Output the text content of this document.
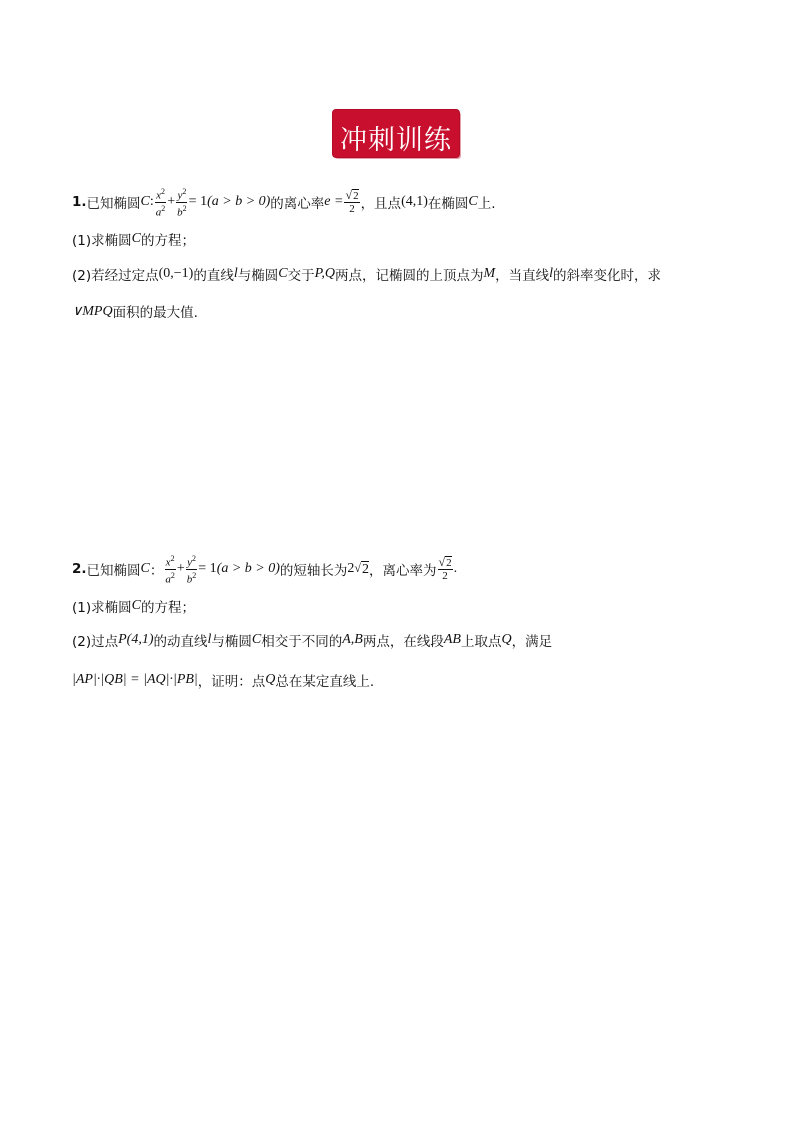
冲刺训练
1. 已知椭圆 C : $\frac{x^2}{a^2} + \frac{y^2}{b^2} = 1$ (a > b > 0) 的离心率 $e = \frac{√ 2}{2}$ ，且点 (4,1) 在椭圆 C 上.
(1)求椭圆 C 的方程；
(2)若经过定点 (0,−1) 的直线 l 与椭圆 C 交于 P,Q 两点，记椭圆的上顶点为 M ，当直线 l 的斜率变化时，求
∨MPQ 面积的最大值.
2. 已知椭圆 C ： $\frac{x^2}{a^2} + \frac{y^2}{b^2} = 1$ (a > b > 0) 的短轴长为 2 √ 2 ，离心率为 $\frac{√ 2}{2}$ .
(1)求椭圆 C 的方程；
(2)过点 P(4,1) 的动直线 l 与椭圆 C 相交于不同的 A,B 两点，在线段 AB 上取点 Q ，满足
|AP|·|QB| = |AQ|·|PB| ，证明：点 Q 总在某定直线上.
